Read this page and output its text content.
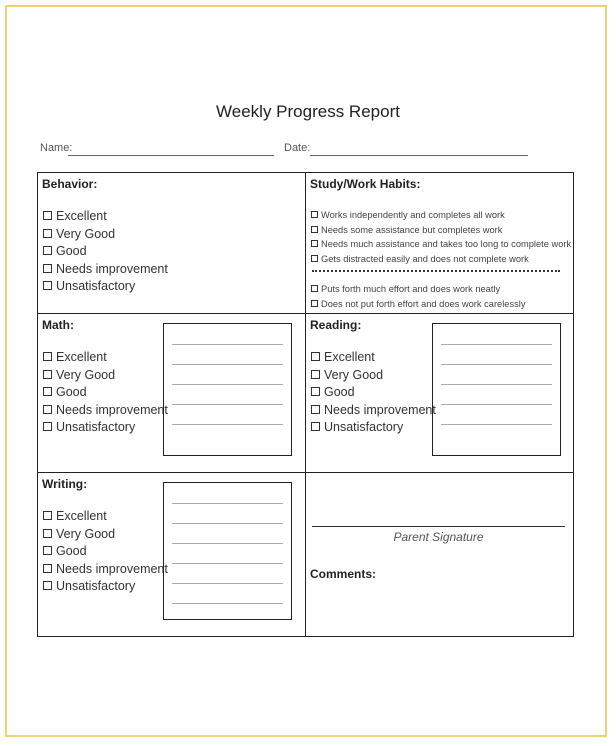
Weekly Progress Report
Name:	Date:
Behavior:
Excellent
Very Good
Good
Needs improvement
Unsatisfactory
Study/Work Habits:
Works independently and completes all work
Needs some assistance but completes work
Needs much assistance and takes too long to complete work
Gets distracted easily and does not complete work
Puts forth much effort and does work neatly
Does not put forth effort and does work carelessly
Math:
Excellent
Very Good
Good
Needs improvement
Unsatisfactory
Reading:
Excellent
Very Good
Good
Needs improvement
Unsatisfactory
Writing:
Excellent
Very Good
Good
Needs improvement
Unsatisfactory
Parent Signature
Comments:
